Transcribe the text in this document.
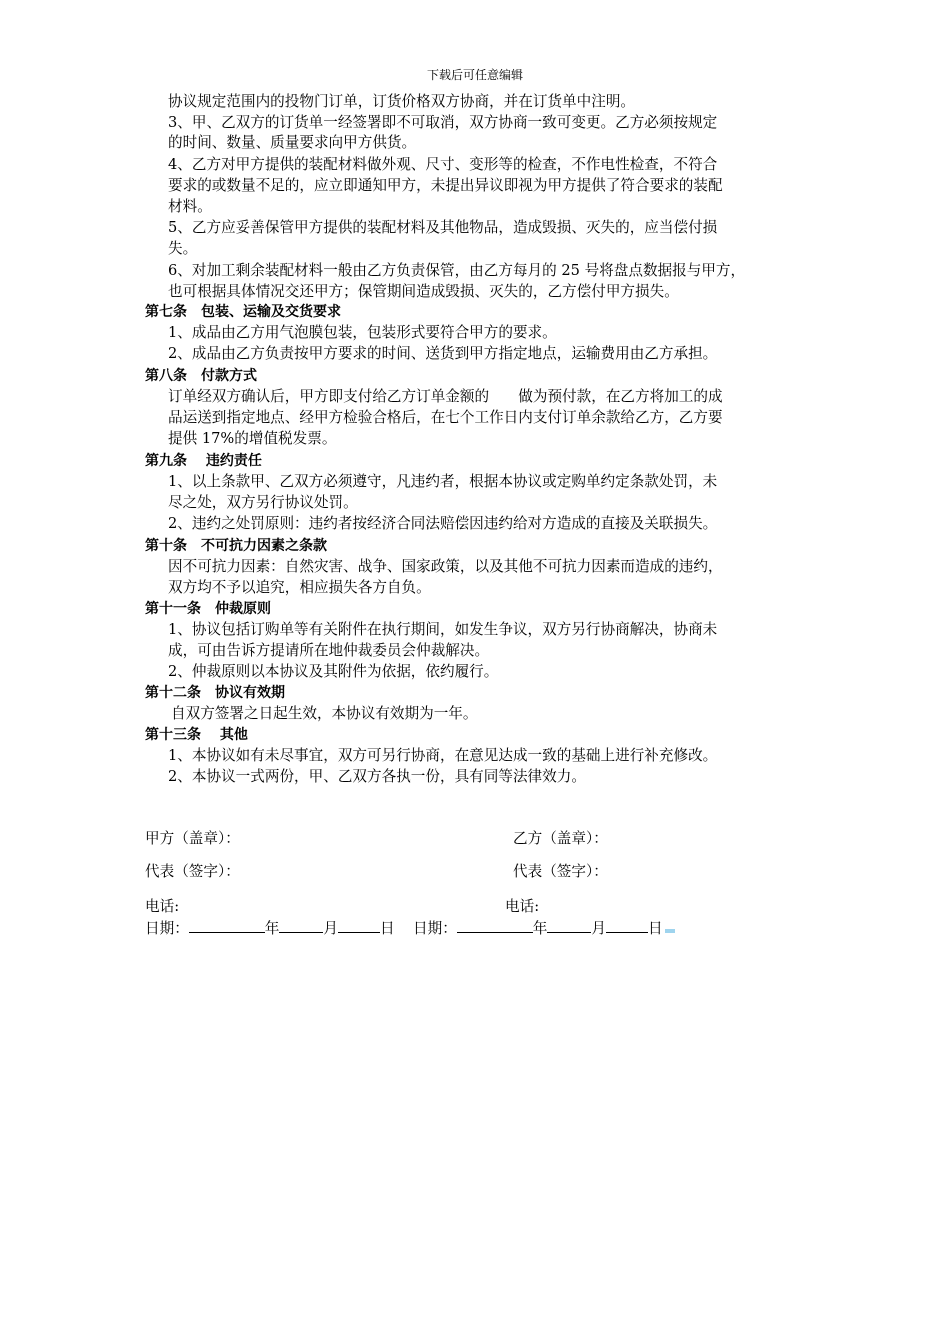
下载后可任意编辑
协议规定范围内的投物门订单，订货价格双方协商，并在订货单中注明。
3、甲、乙双方的订货单一经签署即不可取消，双方协商一致可变更。乙方必须按规定
的时间、数量、质量要求向甲方供货。
4、乙方对甲方提供的装配材料做外观、尺寸、变形等的检查，不作电性检查，不符合
要求的或数量不足的，应立即通知甲方，未提出异议即视为甲方提供了符合要求的装配
材料。
5、乙方应妥善保管甲方提供的装配材料及其他物品，造成毁损、灭失的，应当偿付损
失。
6、对加工剩余装配材料一般由乙方负责保管，由乙方每月的 25 号将盘点数据报与甲方，
也可根据具体情况交还甲方；保管期间造成毁损、灭失的，乙方偿付甲方损失。
第七条　包装、运输及交货要求
1、成品由乙方用气泡膜包装，包装形式要符合甲方的要求。
2、成品由乙方负责按甲方要求的时间、送货到甲方指定地点，运输费用由乙方承担。
第八条　付款方式
订单经双方确认后，甲方即支付给乙方订单金额的　　做为预付款，在乙方将加工的成
品运送到指定地点、经甲方检验合格后，在七个工作日内支付订单余款给乙方，乙方要
提供 17%的增值税发票。
第九条　 违约责任
1、以上条款甲、乙双方必须遵守，凡违约者，根据本协议或定购单约定条款处罚，未
尽之处，双方另行协议处罚。
2、违约之处罚原则：违约者按经济合同法赔偿因违约给对方造成的直接及关联损失。
第十条　不可抗力因素之条款
因不可抗力因素：自然灾害、战争、国家政策，以及其他不可抗力因素而造成的违约，
双方均不予以追究，相应损失各方自负。
第十一条　仲裁原则
1、协议包括订购单等有关附件在执行期间，如发生争议，双方另行协商解决，协商未
成，可由告诉方提请所在地仲裁委员会仲裁解决。
2、仲裁原则以本协议及其附件为依据，依约履行。
第十二条　协议有效期
自双方签署之日起生效，本协议有效期为一年。
第十三条　 其他
1、本协议如有未尽事宜，双方可另行协商，在意见达成一致的基础上进行补充修改。
2、本协议一式两份，甲、乙双方各执一份，具有同等法律效力。
甲方（盖章）：	乙方（盖章）：
代表（签字）：	代表（签字）：
电话:	电话:
日期：	年	月	日 日期：	年	月	日
